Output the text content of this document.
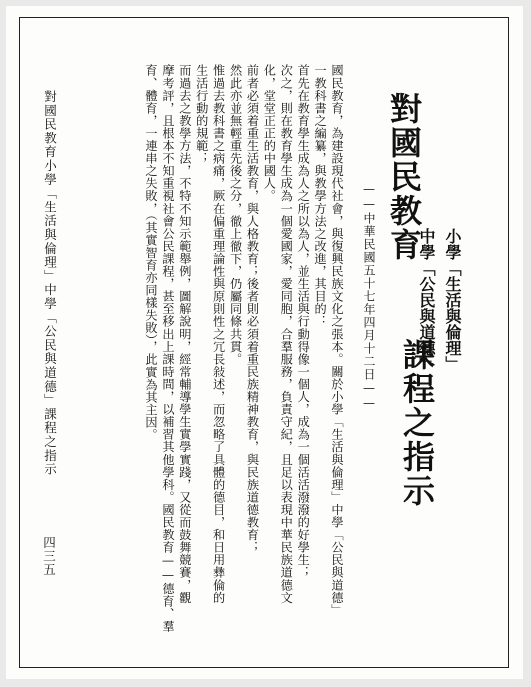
對國民教育
小學「生活與倫理」
中學「公民與道德」
課程之指示
——中華民國五十七年四月十二日——

國民教育，為建設現代社會，與復興民族文化之張本。關於小學「生活與倫理」中學「公民與道德」

一教科書之編纂，與教學方法之改進，其目的：

首先在教育學生成為人之所以為人，並生活與行動得像一個人，成為一個活活潑潑的好學生；

次之，則在教育學生成為一個愛國家，愛同胞，合羣服務，負責守紀，且足以表現中華民族道德文

化，堂堂正正的中國人。

前者必須着重生活教育，與人格教育；後者則必須着重民族精神教育，與民族道德教育；

然此亦並無輕重先後之分，徹上徹下，仍屬同條共貫。

惟過去教科書之病痛，厥在偏重理論性與原則性之冗長敍述，而忽略了具體的德目，和日用彝倫的

生活行動的規範；

而過去之教學方法，不特不知示範舉例，圖解說明，經常輔導學生實學實踐，又從而鼓舞競賽，觀

摩考評，且根本不知重視社會公民課程，甚至移出上課時間，以補習其他學科。國民教育——德育、羣

育、體育，一連串之失敗，（其實智育亦同樣失敗），此實為其主因。

對國民教育小學「生活與倫理」中學「公民與道德」課程之指示
四三五
